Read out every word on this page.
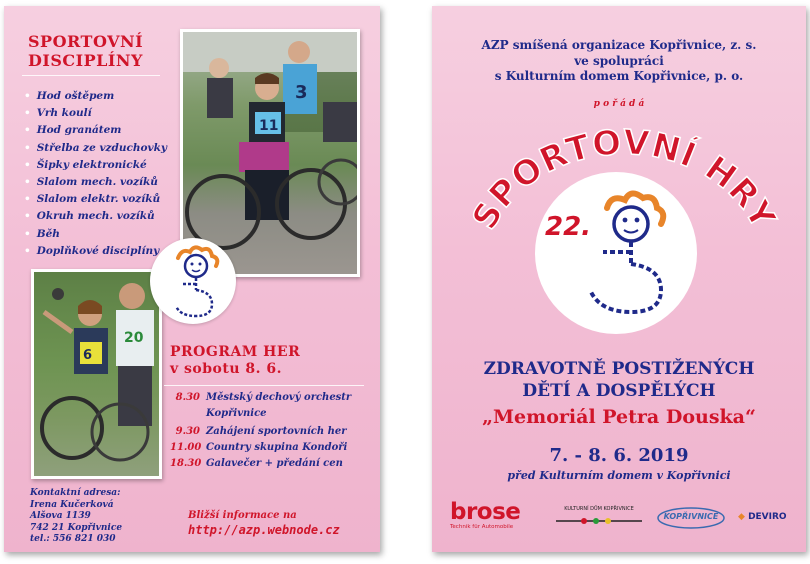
SPORTOVNÍ
DISCIPLÍNY
• Hod oštěpem
• Vrh koulí
• Hod granátem
• Střelba ze vzduchovky
• Šipky elektronické
• Slalom mech. vozíků
• Slalom elektr. vozíků
• Okruh mech. vozíků
• Běh
• Doplňkové disciplíny
3
11
6
20
PROGRAM HER
v sobotu 8. 6.
8.30 Městský dechový orchestr Kopřivnice
9.30 Zahájení sportovních her
11.00 Country skupina Kondoři
18.30 Galavečer + předání cen
Kontaktní adresa:
Irena Kučerková
Alšova 1139
742 21 Kopřivnice
tel.: 556 821 030
Bližší informace na
http://azp.webnode.cz
AZP smíšená organizace Kopřivnice, z. s.
ve spolupráci
s Kulturním domem Kopřivnice, p. o.
p o ř á d á
22.
SPORTOVNÍ HRY
ZDRAVOTNĚ POSTIŽENÝCH
DĚTÍ A DOSPĚLÝCH
„Memoriál Petra Douska“
7. - 8. 6. 2019
před Kulturním domem v Kopřivnici
brose
Technik für Automobile
KULTURNÍ DŮM KOPŘIVNICE
KOPŘIVNICE	◆ DEVIRO
